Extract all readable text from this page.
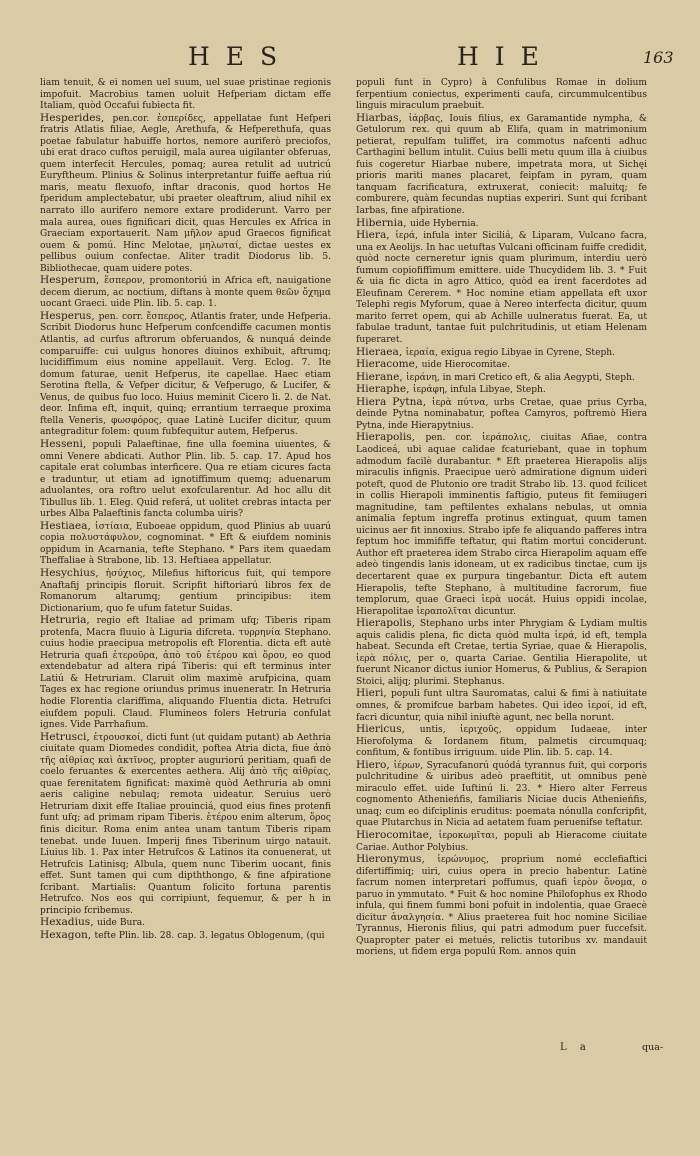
H E S	H I E	163

liam tenuit, & ei nomen uel suum, uel suae pristinae regionis impofuit. Macrobius tamen uoluit Hefperiam dictam effe Italiam, quòd Occafui fubiecta fit.

Hesperides, pen.cor. ἑσπερίδες, appellatae funt Hefperi fratris Atlatis filiae, Aegle, Arethufa, & Hefperethufa, quas poetae fabulatur habuiffe hortos, nemore auriferò preciofos, ubi erat draco cuftos peruigil, mala aurea uigilanter obferuas, quem interfecit Hercules, pomaq; aurea retulit ad uutricú Euryftheum. Plinius & Solinus interpretantur fuiffe aeftua riú maris, meatu flexuofo, inftar draconis, quod hortos He fperidum amplectebatur, ubi praeter oleaftrum, aliud nihil ex narrato illo aurifero nemore extare prodiderunt. Varro per mala aurea, oues fignificari dicit, quas Hercules ex Africa in Graeciam exportauerit. Nam μῆλον apud Graecos fignificat ouem & pomú. Hinc Melotae, μηλωταί, dictae uestes ex pellibus ouium confectae. Aliter tradit Diodorus lib. 5. Bibliothecae, quam uidere potes.

Hesperum, ἕσπερον, promontoriú in Africa eft, nauigatione decem dierum, ac noctium, diftans à monte quem θεῶν ὄχημα uocant Graeci. uide Plin. lib. 5. cap. 1.

Hesperus, pen. corr. ἕσπερος, Atlantis frater, unde Hefperia. Scribit Diodorus hunc Hefperum confcendiffe cacumen montis Atlantis, ad curfus aftrorum obferuandos, & nunquá deinde comparuiffe: cui uulgus honores diuinos exhibuit, aftrumq; lucidiffimum eius nomine appellauit. Verg. Eclog. 7. Ite domum faturae, uenit Hefperus, ite capellae. Haec etiam Serotina ftella, & Vefper dicitur, & Vefperugo, & Lucifer, & Venus, de quibus fuo loco. Huius meminit Cicero li. 2. de Nat. deor. Infima eft, inquit, quinq; errantium terraeque proxima ftella Veneris, φωσφόρος, quae Latinè Lucifer dicitur, quum antegraditur folem: quum fubfequitur autem, Hefperus.

Hesseni, populi Palaeftinae, fine ulla foemina uiuentes, & omni Venere abdicati. Author Plin. lib. 5. cap. 17. Apud hos capitale erat columbas interficere. Qua re etiam cicures facta e traduntur, ut etiam ad ignotiffimum quemq; aduenarum aduolantes, ora roftro uelut exofcularentur. Ad hoc allu dit Tibullus lib. 1. Eleg. Quid referá, ut uolitet crebras intacta per urbes Alba Palaeftinis fancta columba uiris?

Hestiaea, ἱστίαια, Euboeae oppidum, quod Plinius ab uuarú copia πολυστάφυλον, cognominat. * Eft & eiufdem nominis oppidum in Acarnania, tefte Stephano. * Pars item quaedam Theffaliae à Strabone, lib. 13. Heftiaea appellatur.

Hesychius, ἡσύχιος, Milefius hiftoricus fuit, qui tempore Anaftafij principis floruit. Scripfit hiftoriarú libros fex de Romanorum altarumq; gentium principibus: item Dictionarium, quo fe ufum fatetur Suidas.

Hetruria, regio eft Italiae ad primam ufq; Tiberis ripam protenfa, Macra fluuio à Liguria difcreta. τυρρηνία Stephano. cuius hodie praecipua metropolis eft Florentia. dicta eft autè Hetruria quafi ἑτεροῦρα, ἀπὸ τοῦ ἑτέρου καὶ ὅρου, eo quod extendebatur ad altera ripá Tiberis: qui eft terminus inter Latiú & Hetruriam. Claruit olim maximè arufpicina, quam Tages ex hac regione oriundus primus inueneratr. In Hetruria hodie Florentia clariffima, aliquando Fluentia dicta. Hetrufci eiufdem populi. Claud. Flumineos folers Hetruria confulat ignes. Vide Parrhafium.

Hetrusci, ἑτρουσκοί, dicti funt (ut quidam putant) ab Aethria ciuitate quam Diomedes condidit, poftea Atria dicta, fiue ἀπὸ τῆς αἰθρίας καὶ ἀκτῖνος, propter auguriorú peritiam, quafi de coelo feruantes & exercentes aethera. Alij ἀπὸ τῆς αἰθρίας, quae ferenitatem fignificat: maximè quòd Aethruria ab omni aeris caligine nebulaq; remota uideatur. Seruius uerò Hetruriam dixit effe Italiae prouinciá, quod eius fines protenfi funt ufq; ad primam ripam Tiberis. ἑτέρου enim alterum, ὅρος finis dicitur. Roma enim antea unam tantum Tiberis ripam tenebat. unde Iuuen. Imperij fines Tiberinum uirgo natauit. Liuius lib. 1. Pax inter Hetrufcos & Latinos ita conuenerat, ut Hetrufcis Latinisq; Albula, quem nunc Tiberim uocant, finis effet. Sunt tamen qui cum dipththongo, & fine afpiratione fcribant. Martialis: Quantum folicito fortuna parentis Hetrufco. Nos eos qui corripiunt, fequemur, & per h in principio fcribemus.

Hexadius, uide Bura.

Hexagon, tefte Plin. lib. 28. cap. 3. legatus Oblogenum, (qui

populi funt in Cypro) à Confulibus Romae in dolium ferpentium coniectus, experimenti caufa, circummulcentibus linguis miraculum praebuit.

Hiarbas, ἰάρβας, Iouis filius, ex Garamantide nympha, & Getulorum rex. qui quum ab Elifa, quam in matrimonium petierat, repulfam tuliffet, ira commotus nafcenti adhuc Carthagini bellum intulit. Cuius belli metu quum illa à ciuibus fuis cogeretur Hiarbae nubere, impetrata mora, ut Sichęi prioris mariti manes placaret, feipfam in pyram, quam tanquam facrificatura, extruxerat, coniecit: maluitq; fe comburere, quàm fecundas nuptias experiri. Sunt qui fcribant Iarbas, fine afpiratione.

Hibernia, uide Hybernia.

Hiera, ἱερά, infula inter Siciliá, & Liparam, Vulcano facra, una ex Aeolijs. In hac uetuftas Vulcani officinam fuiffe credidit, quòd nocte cerneretur ignis quam plurimum, interdiu uerò fumum copiofiffimum emittere. uide Thucydidem lib. 3. * Fuit & uia fic dicta in agro Attico, quòd ea irent facerdotes ad Eleufinam Cererem. * Hoc nomine etiam appellata eft uxor Telephi regis Myforum, quae à Nereo interfecta dicitur, quum marito ferret opem, qui ab Achille uulneratus fuerat. Ea, ut fabulae tradunt, tantae fuit pulchritudinis, ut etiam Helenam fuperaret.

Hieraea, ἱεραία, exigua regio Libyae in Cyrene, Steph.

Hieracome, uide Hierocomitae.

Hierane, ἱεράνη, in mari Cretico eft, & alia Aegypti, Steph.

Hieraphe, ἱεράφη, infula Libyae, Steph.

Hiera Pytna, ἱερὰ πύτνα, urbs Cretae, quae prius Cyrba, deinde Pytna nominabatur, poftea Camyros, poftremò Hiera Pytna, inde Hierapytnius.

Hierapolis, pen. cor. ἱεράπολις, ciuitas Afiae, contra Laodiceá, ubi aquae calidae fcaturiebant, quae in tophum admodum facilè durabantur. * Eft praeterea Hierapolis alijs miraculis infignis. Praecipue uerò admiratione dignum uideri poteft, quod de Plutonio ore tradit Strabo lib. 13. quod fcilicet in collis Hierapoli imminentis faftigio, puteus fit femiiugeri magnitudine, tam peftilentes exhalans nebulas, ut omnia animalia feptum ingreffa protinus extinguat, quum tamen uicinus aer fit innoxius. Strabo ipfe fe aliquando pafferes intra feptum hoc immififfe teftatur, qui ftatim mortui conciderunt. Author eft praeterea idem Strabo circa Hierapolim aquam effe adeò tingendis lanis idoneam, ut ex radicibus tinctae, cum ijs decertarent quae ex purpura tingebantur. Dicta eft autem Hierapolis, tefte Stephano, à multitudine facrorum, fiue templorum, quae Graeci ἱερὰ uocát. Huius oppidi incolae, Hierapolitae ἱεραπολῖται dicuntur.

Hierapolis, Stephano urbs inter Phrygiam & Lydiam multis aquis calidis plena, fic dicta quòd multa ἱερά, id eft, templa habeat. Secunda eft Cretae, tertia Syriae, quae & Hierapolis, ἱερὰ πόλις, per o, quarta Cariae. Gentilia Hierapolite, ut fuerunt Nicanor dictus iunior Homerus, & Publius, & Serapion Stoici, alijq; plurimi. Stephanus.

Hieri, populi funt ultra Sauromatas, calui & fimi à natiuitate omnes, & promifcue barbam habetes. Qui ideo ἱεροί, id eft, facri dicuntur, quia nihil iniuftè agunt, nec bella norunt.

Hiericus, untis, ἱεριχοῦς, oppidum Iudaeae, inter Hierofolyma & Iordanem fitum, palmetis circumquaq; confitum, & fontibus irriguum. uide Plin. lib. 5. cap. 14.

Hiero, ἱέρων, Syracufanorú quódá tyrannus fuit, qui corporis pulchritudine & uiribus adeò praeftitit, ut omnibus penè miraculo effet. uide Iuftinú li. 23. * Hiero alter Ferreus cognomento Athenieńfis, familiaris Niciae ducis Athenieńfis, unaq; cum eo difciplinis eruditus: poemata nónulla confcripfit, quae Plutarchus in Nicia ad aetatem fuam peruenifse teftatur.

Hierocomitae, ἱεροκωμῖται, populi ab Hieracome ciuitate Cariae. Author Polybius.

Hieronymus, ἱερώνυμος, proprium nomé ecclefiaftici difertiffimiq; uiri, cuius opera in precio habentur. Latinè facrum nomen interpretari poffumus, quafi ἱερὸν ὄνομα, o paruo in ymmutato. * Fuit & hoc nomine Philofophus ex Rhodo infula, qui finem fummi boni pofuit in indolentia, quae Graecè dicitur ἀναλγησία. * Alius praeterea fuit hoc nomine Siciliae Tyrannus, Hieronis filius, qui patri admodum puer fuccefsit. Quapropter pater ei metués, relictis tutoribus xv. mandauit moriens, ut fidem erga populú Rom. annos quin

L a	qua-
